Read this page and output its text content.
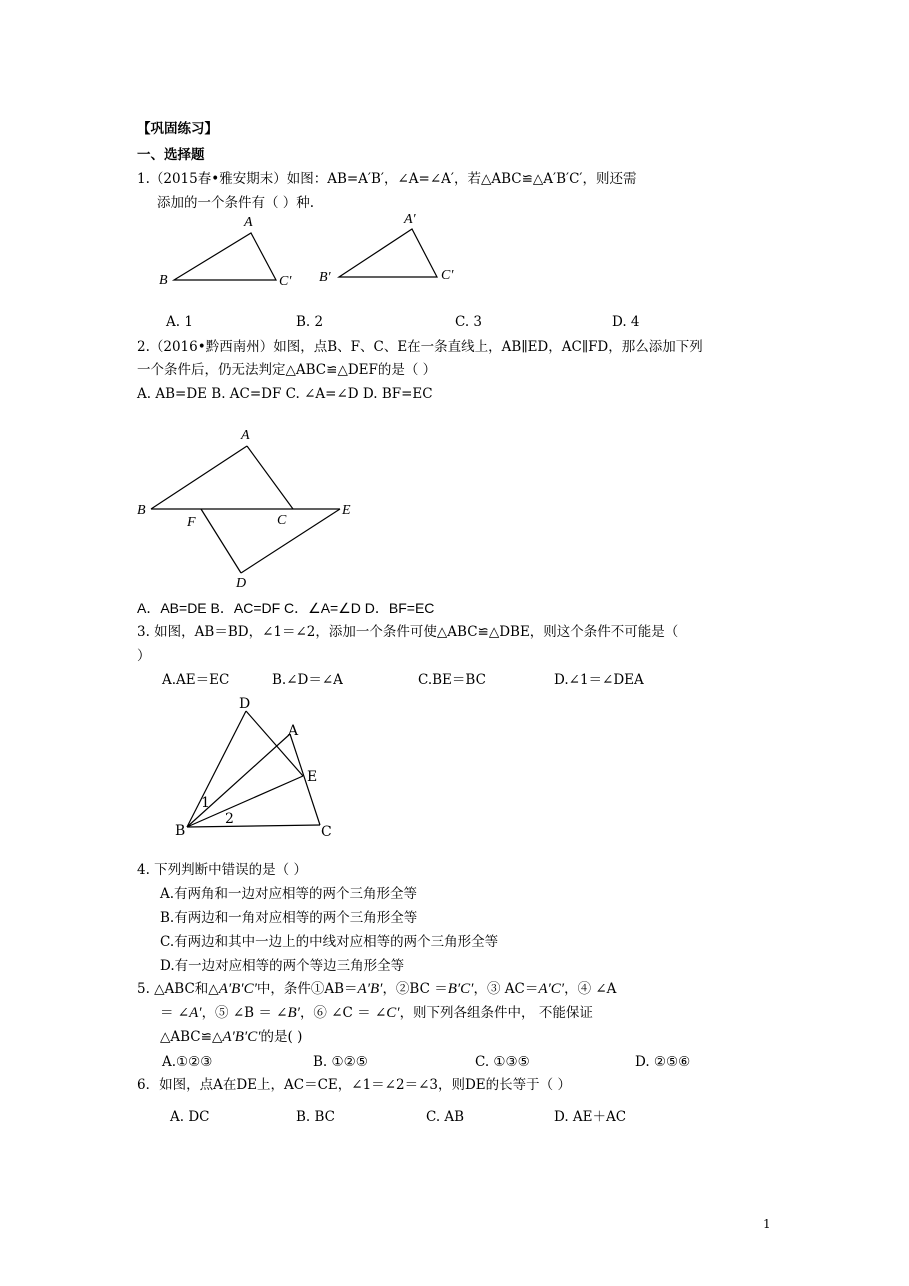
【巩固练习】
一、选择题
1.（2015春•雅安期末）如图：AB=A′B′，∠A=∠A′，若△ABC≌△A′B′C′，则还需
添加的一个条件有（ ）种.
A
B	C′
A′
B′	C′
A. 1	B. 2	C. 3	D. 4
2.（2016•黔西南州）如图，点B、F、C、E在一条直线上，AB∥ED，AC∥FD，那么添加下列
一个条件后，仍无法判定△ABC≌△DEF的是（ ）
A. AB=DE B. AC=DF C. ∠A=∠D D. BF=EC
A
B
F	C
E
D
A．AB=DE B．AC=DF C．∠A=∠D D．BF=EC
3. 如图，AB＝BD，∠1＝∠2，添加一个条件可使△ABC≌△DBE，则这个条件不可能是（
）
A.AE＝EC	B.∠D＝∠A	C.BE＝BC	D.∠1＝∠DEA
D
A
E
B	C
1
2
4. 下列判断中错误的是（ ）
A.有两角和一边对应相等的两个三角形全等
B.有两边和一角对应相等的两个三角形全等
C.有两边和其中一边上的中线对应相等的两个三角形全等
D.有一边对应相等的两个等边三角形全等
5. △ABC和△A′B′C′中，条件①AB＝A′B′，②BC ＝B′C′，③ AC＝A′C′，④ ∠A
＝ ∠A′，⑤ ∠B ＝ ∠B′，⑥ ∠C ＝ ∠C′，则下列各组条件中， 不能保证
△ABC≌△A′B′C′的是( )
A.①②③	B. ①②⑤	C. ①③⑤	D. ②⑤⑥
6．如图，点A在DE上，AC＝CE，∠1＝∠2＝∠3，则DE的长等于（ ）
A. DC	B. BC	C. AB	D. AE＋AC
1
